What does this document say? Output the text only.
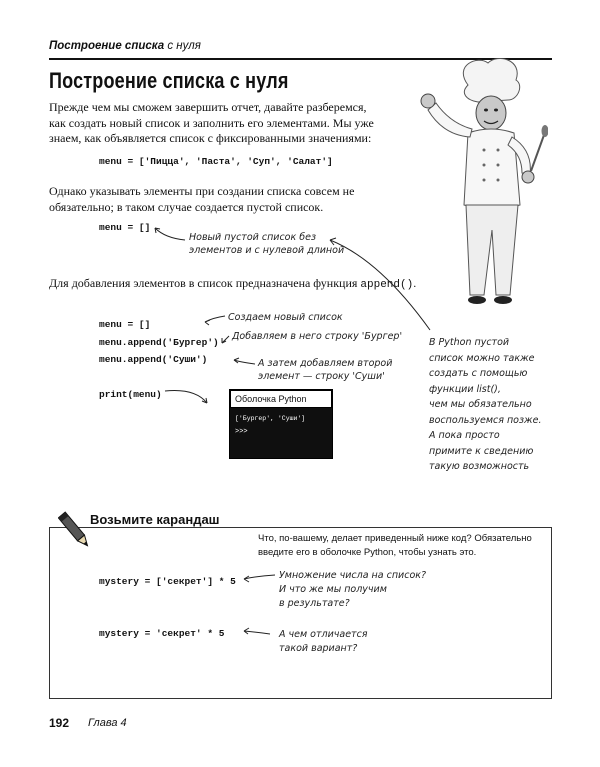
Построение списка с нуля
Построение списка с нуля
Прежде чем мы сможем завершить отчет, давайте разберемся,
как создать новый список и заполнить его элементами. Мы уже
знаем, как объявляется список с фиксированными значениями:
menu = ['Пицца', 'Паста', 'Суп', 'Салат']
Однако указывать элементы при создании списка совсем не
обязательно; в таком случае создается пустой список.
menu = []
Новый пустой список без
элементов и с нулевой длиной
Для добавления элементов в список предназначена функция append().
menu = []
menu.append('Бургер')
menu.append('Суши')
print(menu)
Создаем новый список
Добавляем в него строку 'Бургер'
А затем добавляем второй
элемент — строку 'Суши'
Оболочка Python
['Бургер', 'Суши']
>>>
В Python пустой
список можно также
создать с помощью
функции list(),
чем мы обязательно
воспользуемся позже.
А пока просто
примите к сведению
такую возможность
Возьмите карандаш
Что, по-вашему, делает приведенный ниже код? Обязательно
введите его в оболочке Python, чтобы узнать это.
mystery = ['секрет'] * 5
mystery = 'секрет' * 5
Умножение числа на список?
И что же мы получим
в результате?
А чем отличается
такой вариант?
192 Глава 4
